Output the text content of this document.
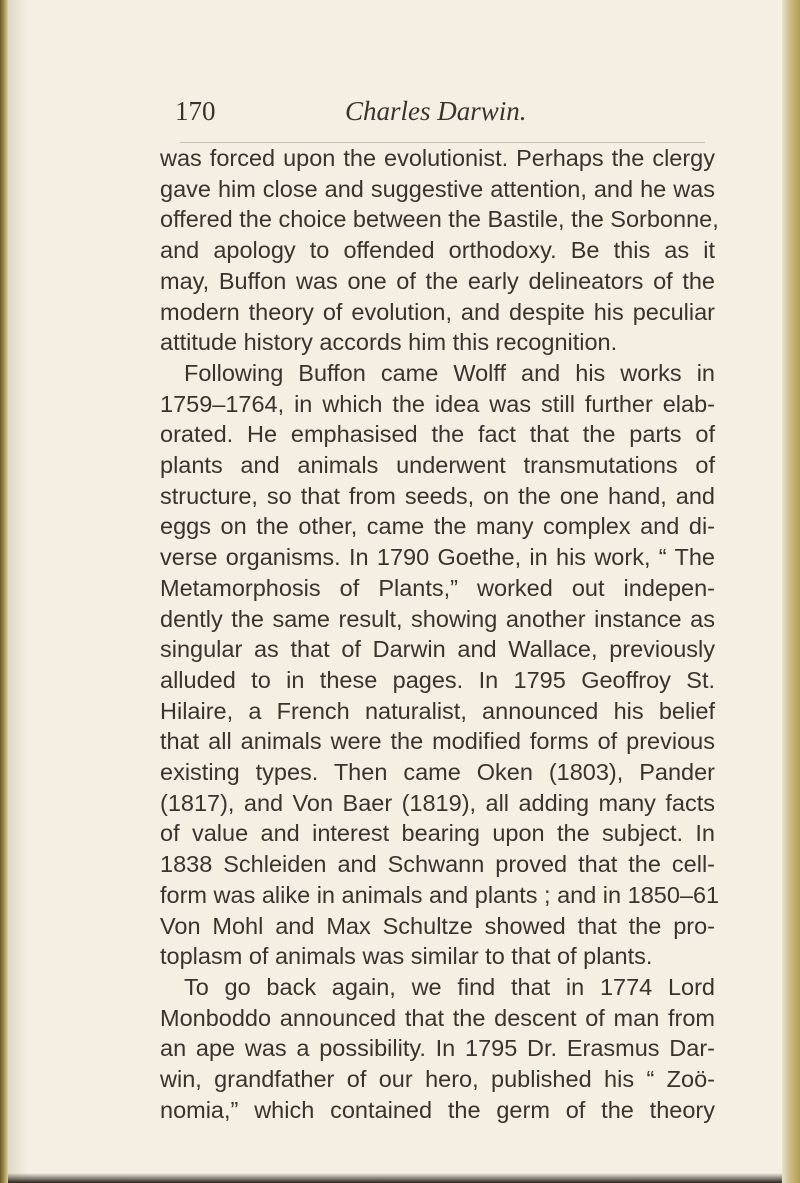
170	Charles Darwin.
was forced upon the evolutionist. Perhaps the clergy
gave him close and suggestive attention, and he was
offered the choice between the Bastile, the Sorbonne,
and apology to offended orthodoxy. Be this as it
may, Buffon was one of the early delineators of the
modern theory of evolution, and despite his peculiar
attitude history accords him this recognition.
Following Buffon came Wolff and his works in
1759–1764, in which the idea was still further elab-
orated. He emphasised the fact that the parts of
plants and animals underwent transmutations of
structure, so that from seeds, on the one hand, and
eggs on the other, came the many complex and di-
verse organisms. In 1790 Goethe, in his work, “ The
Metamorphosis of Plants,” worked out indepen-
dently the same result, showing another instance as
singular as that of Darwin and Wallace, previously
alluded to in these pages. In 1795 Geoffroy St.
Hilaire, a French naturalist, announced his belief
that all animals were the modified forms of previous
existing types. Then came Oken (1803), Pander
(1817), and Von Baer (1819), all adding many facts
of value and interest bearing upon the subject. In
1838 Schleiden and Schwann proved that the cell-
form was alike in animals and plants ; and in 1850–61
Von Mohl and Max Schultze showed that the pro-
toplasm of animals was similar to that of plants.
To go back again, we find that in 1774 Lord
Monboddo announced that the descent of man from
an ape was a possibility. In 1795 Dr. Erasmus Dar-
win, grandfather of our hero, published his “ Zoö-
nomia,” which contained the germ of the theory
